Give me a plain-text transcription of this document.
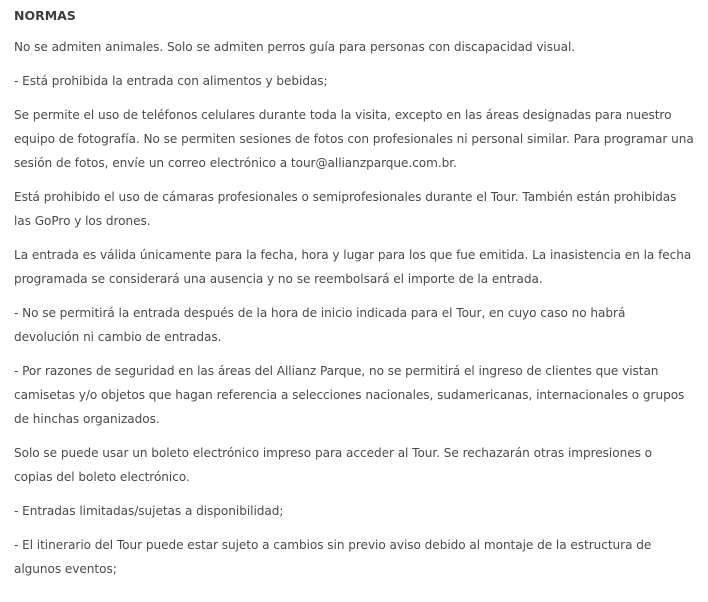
NORMAS

No se admiten animales. Solo se admiten perros guía para personas con discapacidad visual.

- Está prohibida la entrada con alimentos y bebidas;

Se permite el uso de teléfonos celulares durante toda la visita, excepto en las áreas designadas para nuestro equipo de fotografía. No se permiten sesiones de fotos con profesionales ni personal similar. Para programar una sesión de fotos, envíe un correo electrónico a tour@allianzparque.com.br.

Está prohibido el uso de cámaras profesionales o semiprofesionales durante el Tour. También están prohibidas las GoPro y los drones.

La entrada es válida únicamente para la fecha, hora y lugar para los que fue emitida. La inasistencia en la fecha programada se considerará una ausencia y no se reembolsará el importe de la entrada.

- No se permitirá la entrada después de la hora de inicio indicada para el Tour, en cuyo caso no habrá devolución ni cambio de entradas.

- Por razones de seguridad en las áreas del Allianz Parque, no se permitirá el ingreso de clientes que vistan camisetas y/o objetos que hagan referencia a selecciones nacionales, sudamericanas, internacionales o grupos de hinchas organizados.

Solo se puede usar un boleto electrónico impreso para acceder al Tour. Se rechazarán otras impresiones o copias del boleto electrónico.

- Entradas limitadas/sujetas a disponibilidad;

- El itinerario del Tour puede estar sujeto a cambios sin previo aviso debido al montaje de la estructura de algunos eventos;
